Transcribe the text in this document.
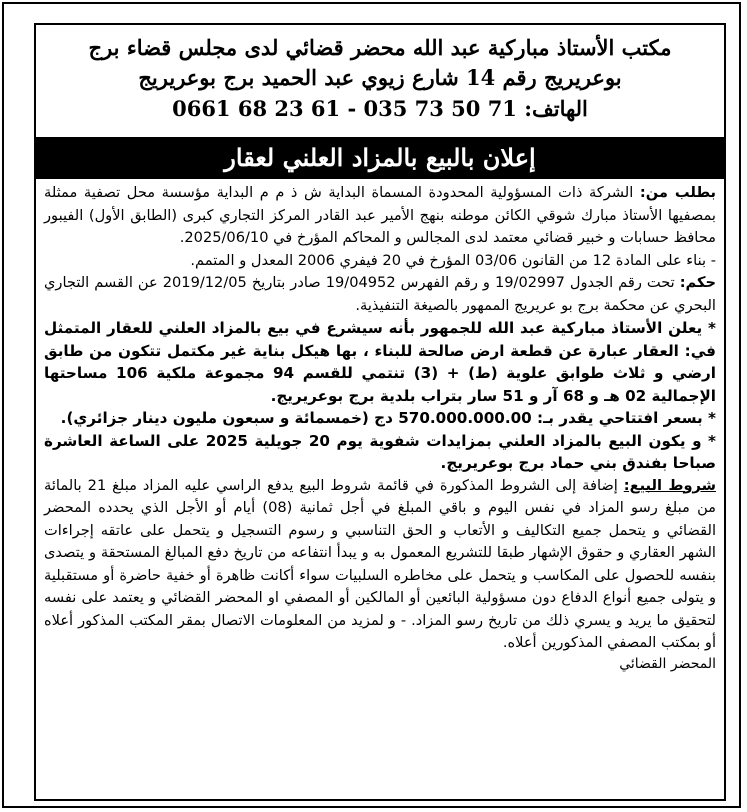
مكتب الأستاذ مباركية عبد الله محضر قضائي لدى مجلس قضاء برج
بوعريريج رقم 14 شارع زيوي عبد الحميد برج بوعريريج
الهاتف: 0661 68 23 61 - 035 73 50 71
إعلان بالبيع بالمزاد العلني لعقار

بطلب من: الشركة ذات المسؤولية المحدودة المسماة البداية ش ذ م م البداية مؤسسة محل تصفية ممثلة بمصفيها الأستاذ مبارك شوقي الكائن موطنه بنهج الأمير عبد القادر المركز التجاري كبرى (الطابق الأول) الفيبور محافظ حسابات و خبير قضائي معتمد لدى المجالس و المحاكم المؤرخ في 2025/06/10.

- بناء على المادة 12 من القانون 03/06 المؤرخ في 20 فيفري 2006 المعدل و المتمم.

حكم: تحت رقم الجدول 19/02997 و رقم الفهرس 19/04952 صادر بتاريخ 2019/12/05 عن القسم التجاري البحري عن محكمة برج بو عريريج الممهور بالصيغة التنفيذية.

* يعلن الأستاذ مباركية عبد الله للجمهور بأنه سيشرع في بيع بالمزاد العلني للعقار المتمثل في: العقار عبارة عن قطعة ارض صالحة للبناء ، بها هيكل بناية غير مكتمل تتكون من طابق ارضي و ثلاث طوابق علوية (ط) + (3) تنتمي للقسم 94 مجموعة ملكية 106 مساحتها الإجمالية 02 هـ و 68 آر و 51 سار بتراب بلدية برج بوعريريج.

* بسعر افتتاحي يقدر بـ: 570.000.000.00 دج (خمسمائة و سبعون مليون دينار جزائري).

* و يكون البيع بالمزاد العلني بمزايدات شفوية يوم 20 جويلية 2025 على الساعة العاشرة صباحا بفندق بني حماد برج بوعريريج.

شروط البيع: إضافة إلى الشروط المذكورة في قائمة شروط البيع يدفع الراسي عليه المزاد مبلغ 21 بالمائة من مبلغ رسو المزاد في نفس اليوم و باقي المبلغ في أجل ثمانية (08) أيام أو الأجل الذي يحدده المحضر القضائي و يتحمل جميع التكاليف و الأتعاب و الحق التناسبي و رسوم التسجيل و يتحمل على عاتقه إجراءات الشهر العقاري و حقوق الإشهار طبقا للتشريع المعمول به و يبدأ انتفاعه من تاريخ دفع المبالغ المستحقة و يتصدى بنفسه للحصول على المكاسب و يتحمل على مخاطره السلبيات سواء أكانت ظاهرة أو خفية حاضرة أو مستقبلية و يتولى جميع أنواع الدفاع دون مسؤولية البائعين أو المالكين أو المصفي او المحضر القضائي و يعتمد على نفسه لتحقيق ما يريد و يسري ذلك من تاريخ رسو المزاد. - و لمزيد من المعلومات الاتصال بمقر المكتب المذكور أعلاه أو بمكتب المصفي المذكورين أعلاه.

المحضر القضائي
